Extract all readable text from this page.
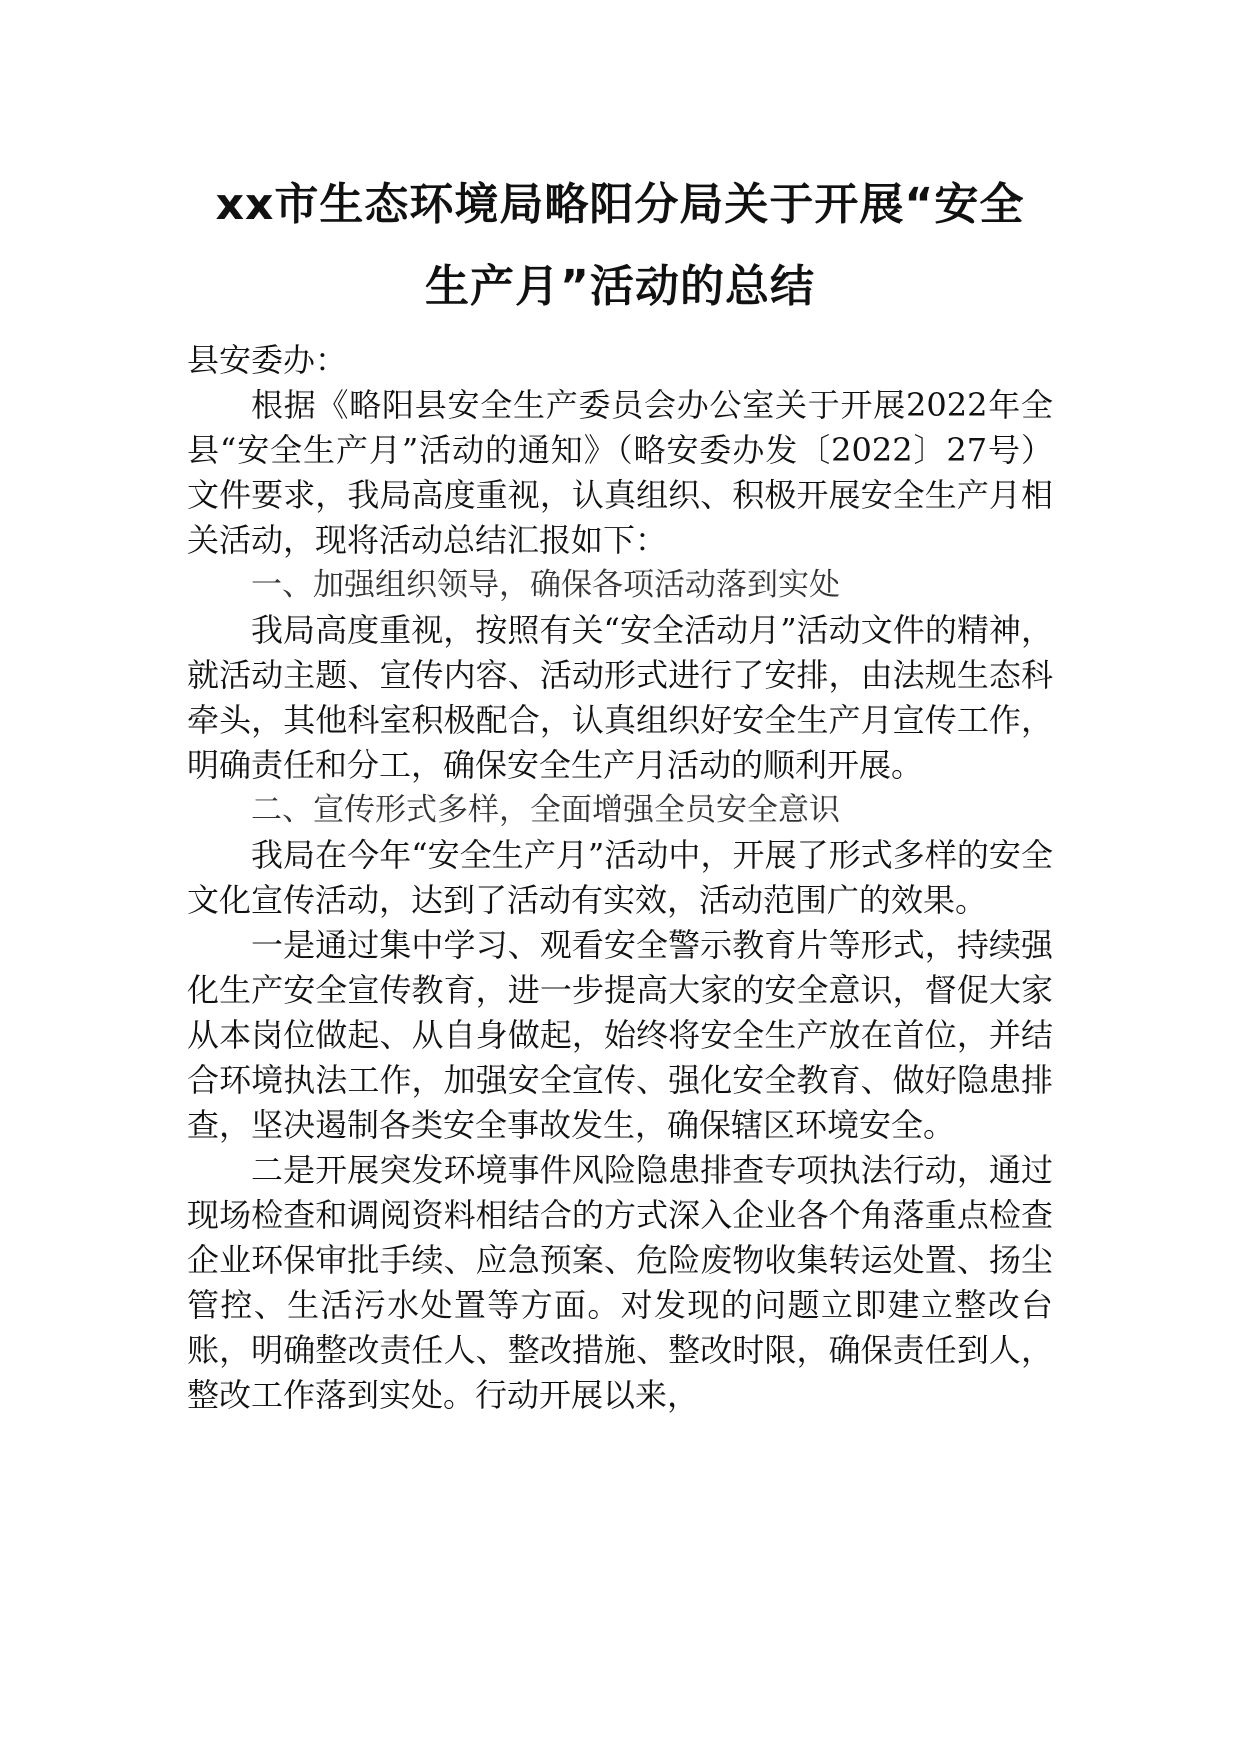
xx市生态环境局略阳分局关于开展“安全
生产月”活动的总结

县安委办：

根据《略阳县安全生产委员会办公室关于开展2022年全县“安全生产月”活动的通知》（略安委办发〔2022〕27号）文件要求，我局高度重视，认真组织、积极开展安全生产月相关活动，现将活动总结汇报如下：

一、加强组织领导，确保各项活动落到实处

我局高度重视，按照有关“安全活动月”活动文件的精神，就活动主题、宣传内容、活动形式进行了安排，由法规生态科牵头，其他科室积极配合，认真组织好安全生产月宣传工作，明确责任和分工，确保安全生产月活动的顺利开展。

二、宣传形式多样，全面增强全员安全意识

我局在今年“安全生产月”活动中，开展了形式多样的安全文化宣传活动，达到了活动有实效，活动范围广的效果。

一是通过集中学习、观看安全警示教育片等形式，持续强化生产安全宣传教育，进一步提高大家的安全意识，督促大家从本岗位做起、从自身做起，始终将安全生产放在首位，并结合环境执法工作，加强安全宣传、强化安全教育、做好隐患排查，坚决遏制各类安全事故发生，确保辖区环境安全。

二是开展突发环境事件风险隐患排查专项执法行动，通过现场检查和调阅资料相结合的方式深入企业各个角落重点检查企业环保审批手续、应急预案、危险废物收集转运处置、扬尘管控、生活污水处置等方面。对发现的问题立即建立整改台账，明确整改责任人、整改措施、整改时限，确保责任到人，整改工作落到实处。行动开展以来，
